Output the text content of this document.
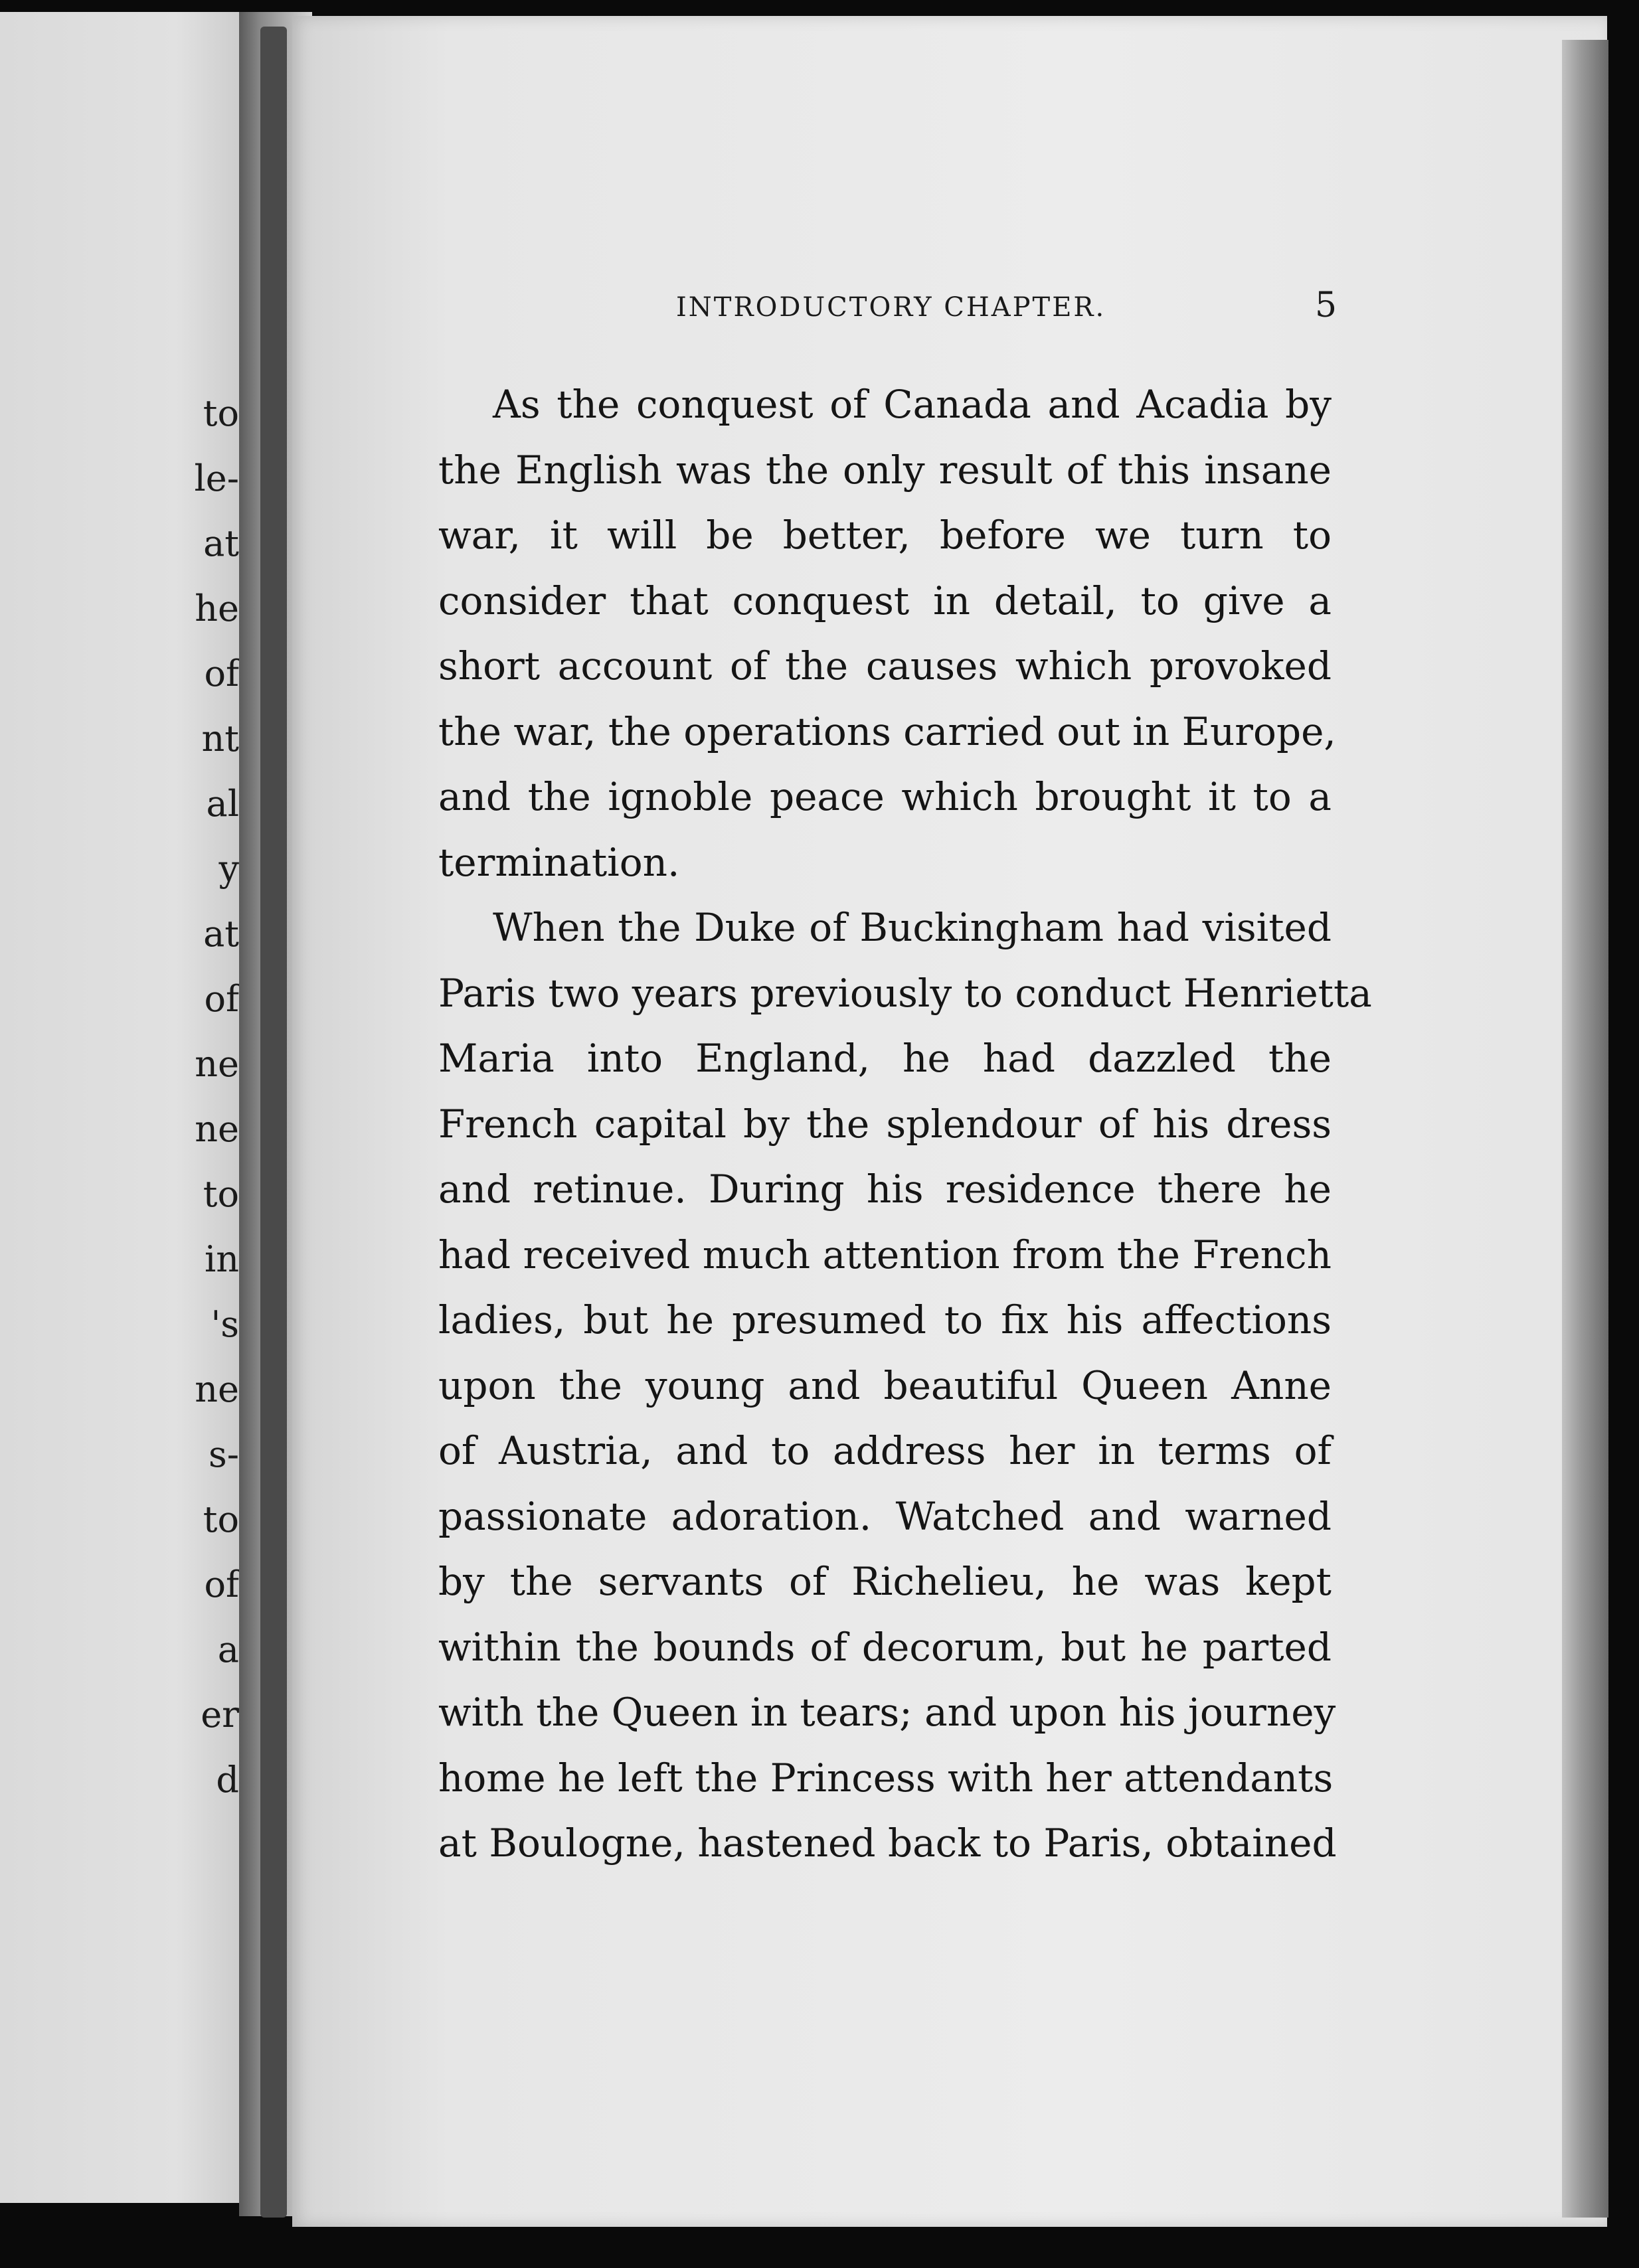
to
le-
at
he
of
nt
al
y
at
of
ne
ne
to
in
's
ne
s-
to
of
a
er
d
INTRODUCTORY CHAPTER.	5
As the conquest of Canada and Acadia by
the English was the only result of this insane
war, it will be better, before we turn to
consider that conquest in detail, to give a
short account of the causes which provoked
the war, the operations carried out in Europe,
and the ignoble peace which brought it to a
termination.
When the Duke of Buckingham had visited
Paris two years previously to conduct Henrietta
Maria into England, he had dazzled the
French capital by the splendour of his dress
and retinue. During his residence there he
had received much attention from the French
ladies, but he presumed to fix his affections
upon the young and beautiful Queen Anne
of Austria, and to address her in terms of
passionate adoration. Watched and warned
by the servants of Richelieu, he was kept
within the bounds of decorum, but he parted
with the Queen in tears; and upon his journey
home he left the Princess with her attendants
at Boulogne, hastened back to Paris, obtained
